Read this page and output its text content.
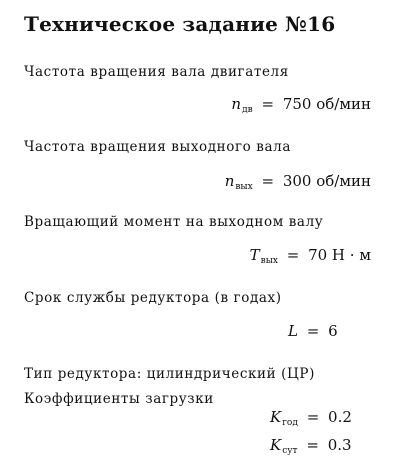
Техническое задание №16
Частота вращения вала двигателя
$n_{дв} = 750$ об/мин
Частота вращения выходного вала
$n_{вых} = 300$ об/мин
Вращающий момент на выходном валу
$T_{вых} = 70$ Н · м
Срок службы редуктора (в годах)
L = 6
Тип редуктора: цилиндрический (ЦР)
Коэффициенты загрузки
$K_{год} = 0.2$
$K_{сут} = 0.3$
